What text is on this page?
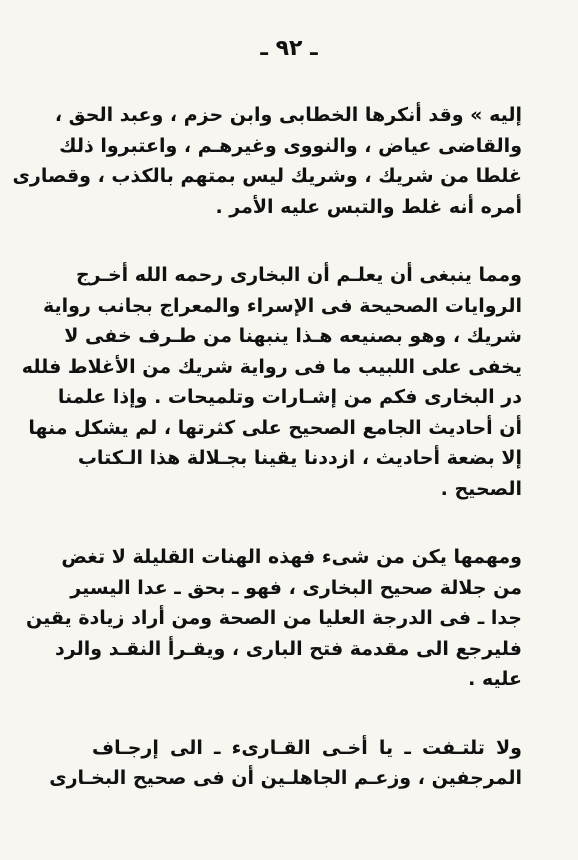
ـ ٩٢ ـ
إليه » وقد أنكرها الخطابى وابن حزم ، وعبد الحق ،
والقاضى عياض ، والنووى وغيرهـم ، واعتبروا ذلك
غلطا من شريك ، وشريك ليس بمتهم بالكذب ، وقصارى
أمره أنه غلط والتبس عليه الأمر .
ومما ينبغى أن يعلـم أن البخارى رحمه الله أخـرج
الروايات الصحيحة فى الإسراء والمعراج بجانب رواية
شريك ، وهو بصنيعه هـذا ينبهنا من طـرف خفى لا
يخفى على اللبيب ما فى رواية شريك من الأغلاط فلله
در البخارى فكم من إشـارات وتلميحات . وإذا علمنا
أن أحاديث الجامع الصحيح على كثرتها ، لم يشكل منها
إلا بضعة أحاديث ، ازددنا يقينا بجـلالة هذا الـكتاب
الصحيح .
ومهمها يكن من شىء فهذه الهنات القليلة لا تغض
من جلالة صحيح البخارى ، فهو ـ بحق ـ عدا اليسير
جدا ـ فى الدرجة العليا من الصحة ومن أراد زيادة يقين
فليرجع الى مقدمة فتح البارى ، ويقـرأ النقـد والرد
عليه .
ولا تلتـفت ـ يا أخـى القـارىء ـ الى إرجـاف
المرجفين ، وزعـم الجاهلـين أن فى صحيح البخـارى
